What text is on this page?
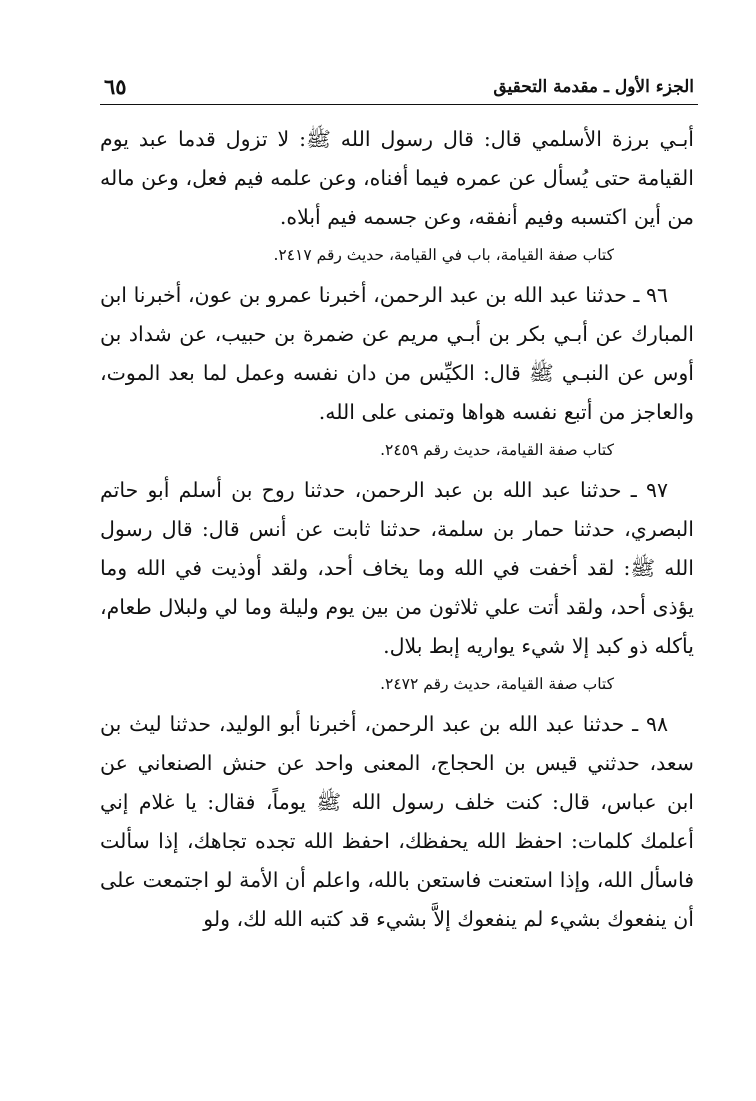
الجزء الأول ـ مقدمة التحقيق
٦٥

أبـي برزة الأسلمي قال: قال رسول الله ﷺ: لا تزول قدما عبد يوم القيامة حتى يُسأل عن عمره فيما أفناه، وعن علمه فيم فعل، وعن ماله من أين اكتسبه وفيم أنفقه، وعن جسمه فيم أبلاه.

كتاب صفة القيامة، باب في القيامة، حديث رقم ٢٤١٧.

٩٦ ـ حدثنا عبد الله بن عبد الرحمن، أخبرنا عمرو بن عون، أخبرنا ابن المبارك عن أبـي بكر بن أبـي مريم عن ضمرة بن حبيب، عن شداد بن أوس عن النبـي ﷺ قال: الكيِّس من دان نفسه وعمل لما بعد الموت، والعاجز من أتبع نفسه هواها وتمنى على الله.

كتاب صفة القيامة، حديث رقم ٢٤٥٩.

٩٧ ـ حدثنا عبد الله بن عبد الرحمن، حدثنا روح بن أسلم أبو حاتم البصري، حدثنا حمار بن سلمة، حدثنا ثابت عن أنس قال: قال رسول الله ﷺ: لقد أخفت في الله وما يخاف أحد، ولقد أوذيت في الله وما يؤذى أحد، ولقد أتت علي ثلاثون من بين يوم وليلة وما لي ولبلال طعام، يأكله ذو كبد إلا شيء يواريه إبط بلال.

كتاب صفة القيامة، حديث رقم ٢٤٧٢.

٩٨ ـ حدثنا عبد الله بن عبد الرحمن، أخبرنا أبو الوليد، حدثنا ليث بن سعد، حدثني قيس بن الحجاج، المعنى واحد عن حنش الصنعاني عن ابن عباس، قال: كنت خلف رسول الله ﷺ يوماً، فقال: يا غلام إني أعلمك كلمات: احفظ الله يحفظك، احفظ الله تجده تجاهك، إذا سألت فاسأل الله، وإذا استعنت فاستعن بالله، واعلم أن الأمة لو اجتمعت على أن ينفعوك بشيء لم ينفعوك إلاَّ بشيء قد كتبه الله لك، ولو
